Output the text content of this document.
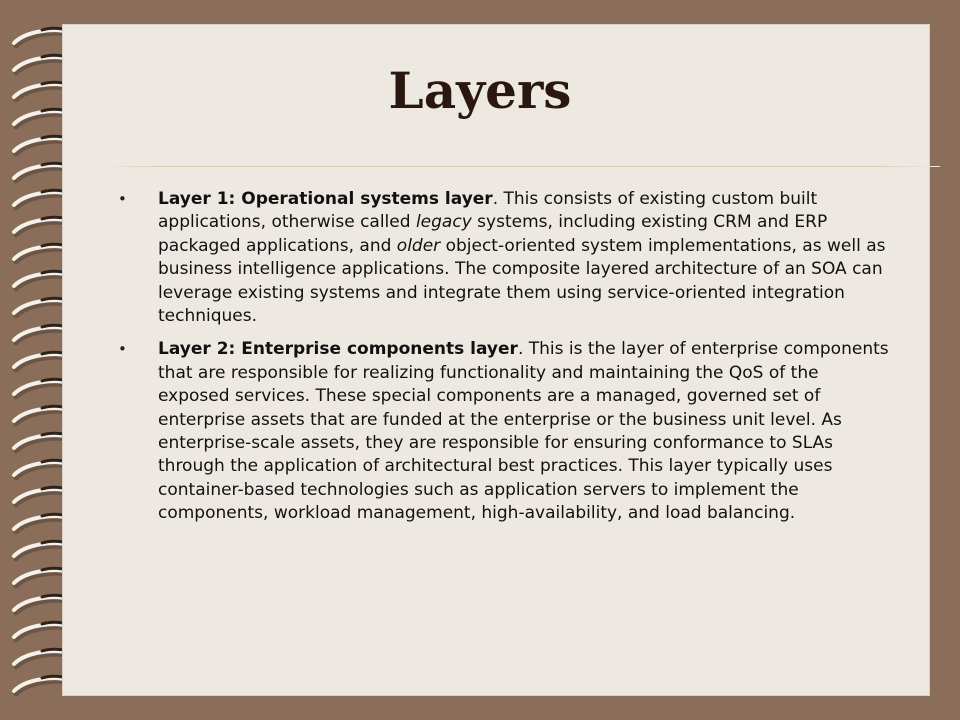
Layers
•	Layer 1: Operational systems layer. This consists of existing custom built applications, otherwise called legacy systems, including existing CRM and ERP packaged applications, and older object-oriented system implementations, as well as business intelligence applications. The composite layered architecture of an SOA can leverage existing systems and integrate them using service-oriented integration techniques.
•	Layer 2: Enterprise components layer. This is the layer of enterprise components that are responsible for realizing functionality and maintaining the QoS of the exposed services. These special components are a managed, governed set of enterprise assets that are funded at the enterprise or the business unit level. As enterprise-scale assets, they are responsible for ensuring conformance to SLAs through the application of architectural best practices. This layer typically uses container-based technologies such as application servers to implement the components, workload management, high-availability, and load balancing.
